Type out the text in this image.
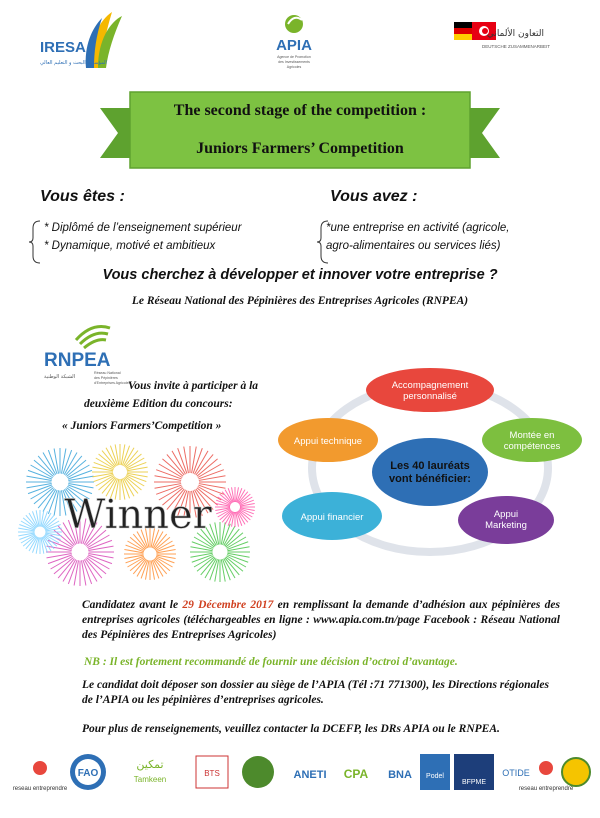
IRESA
المؤسسة البحث و التعليم العالي
APIA
Agence de Promotion
des Investissements
Agricoles
التعاون الألماني
DEUTSCHE ZUSAMMENARBEIT
The second stage of the competition :
Juniors Farmers’ Competition
Vous êtes :	Vous avez :
* Diplômé de l’enseignement supérieur
* Dynamique, motivé et ambitieux
*une entreprise en activité (agricole,
agro-alimentaires ou services liés)
Vous cherchez à développer et innover votre entreprise ?
Le Réseau National des Pépinières des Entreprises Agricoles (RNPEA)
RNPEA
الشبكة الوطنية
Réseau National
des Pépinières
d'Entreprises Agricoles
Vous invite à participer à la
deuxième Edition du concours:
« Juniors Farmers’Competition »
Winner
Les 40 lauréats
vont bénéficier:
Accompagnement
personnalisé
Montée en
compétences
Appui
Marketing
Appui financier
Appui technique
Candidatez avant le 29 Décembre 2017 en remplissant la demande d’adhésion aux pépinières des entreprises agricoles (téléchargeables en ligne : www.apia.com.tn/page Facebook : Réseau National des Pépinières des Entreprises Agricoles)
NB : Il est fortement recommandé de fournir une décision d’octroi d’avantage.
Le candidat doit déposer son dossier au siège de l’APIA (Tél :71 771300), les Directions régionales de l’APIA ou les pépinières d’entreprises agricoles.
Pour plus de renseignements, veuillez contacter la DCEFP, les DRs APIA ou le RNPEA.
reseau entreprendre
FAO
تمكين
Tamkeen
BTS	ANETI CPA BNA Podel
BFPME
OTIDE
reseau entreprendre
